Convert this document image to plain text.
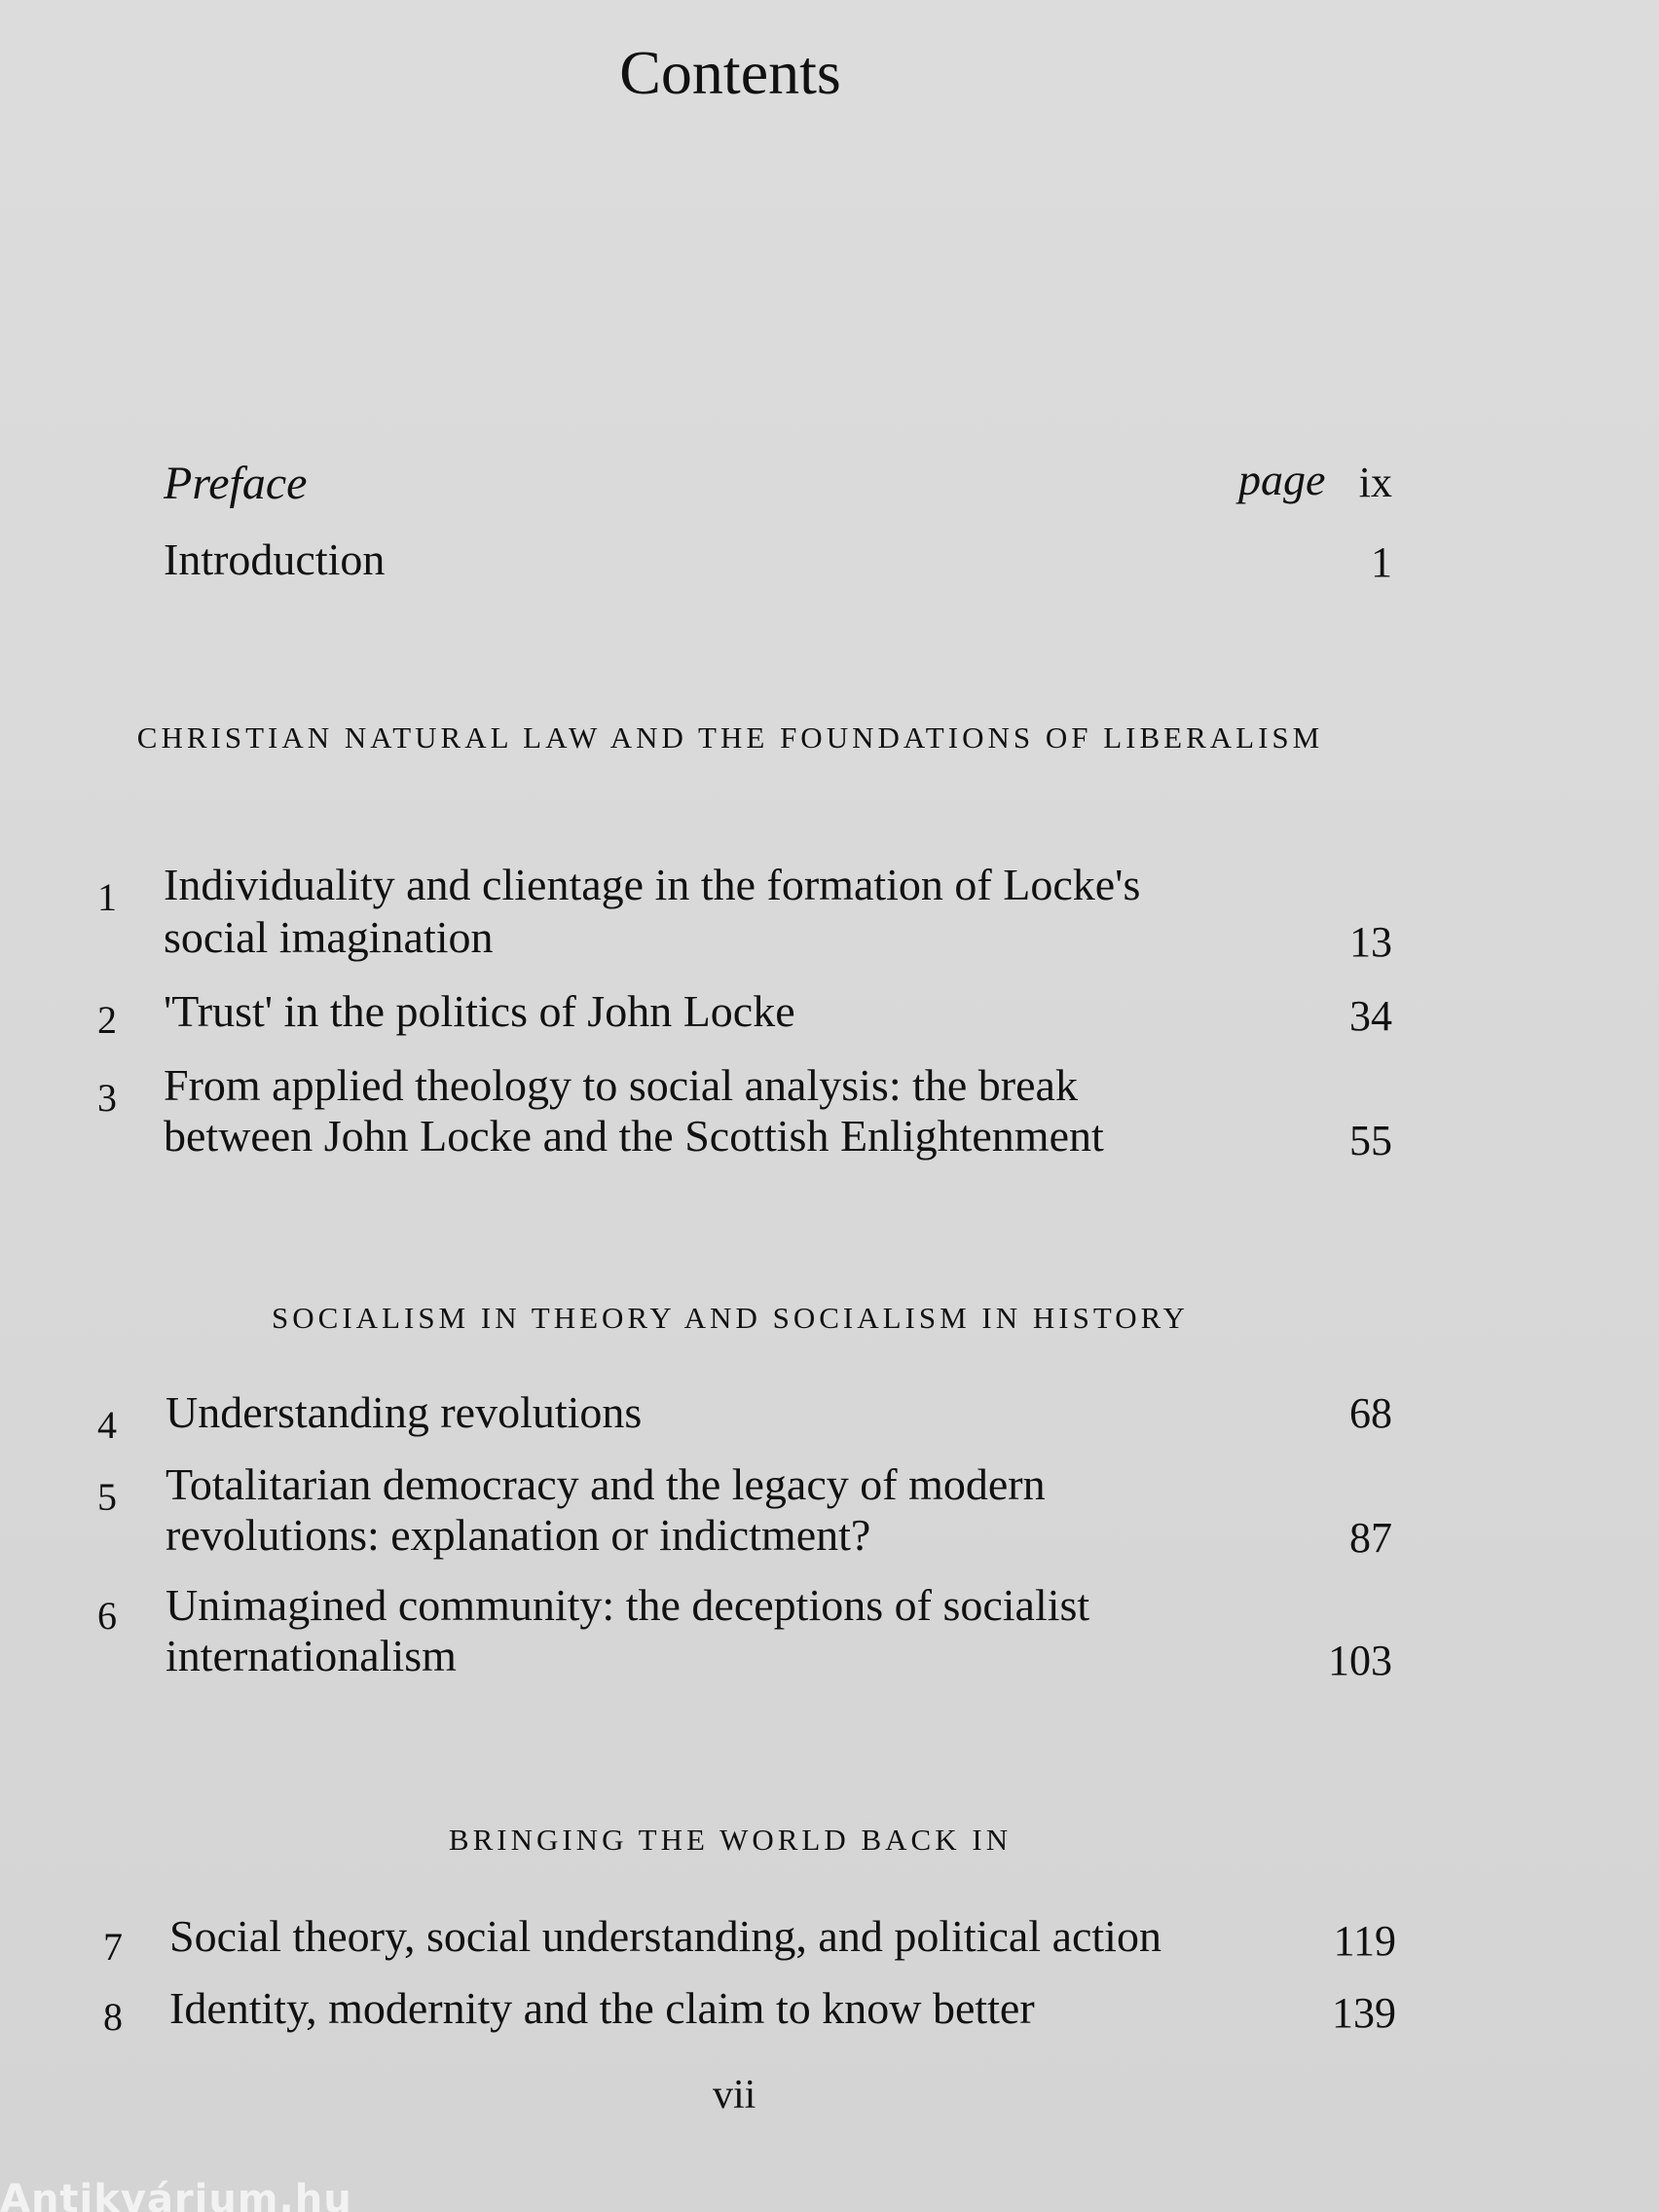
Contents
Preface	page ix
Introduction	1
CHRISTIAN NATURAL LAW AND THE FOUNDATIONS OF LIBERALISM
1 Individuality and clientage in the formation of Locke's
social imagination	13
2 'Trust' in the politics of John Locke	34
3 From applied theology to social analysis: the break
between John Locke and the Scottish Enlightenment	55
SOCIALISM IN THEORY AND SOCIALISM IN HISTORY
4 Understanding revolutions	68
5 Totalitarian democracy and the legacy of modern
revolutions: explanation or indictment?	87
6 Unimagined community: the deceptions of socialist
internationalism	103
BRINGING THE WORLD BACK IN
7 Social theory, social understanding, and political action	119
8 Identity, modernity and the claim to know better	139
vii
Antikvárium.hu
